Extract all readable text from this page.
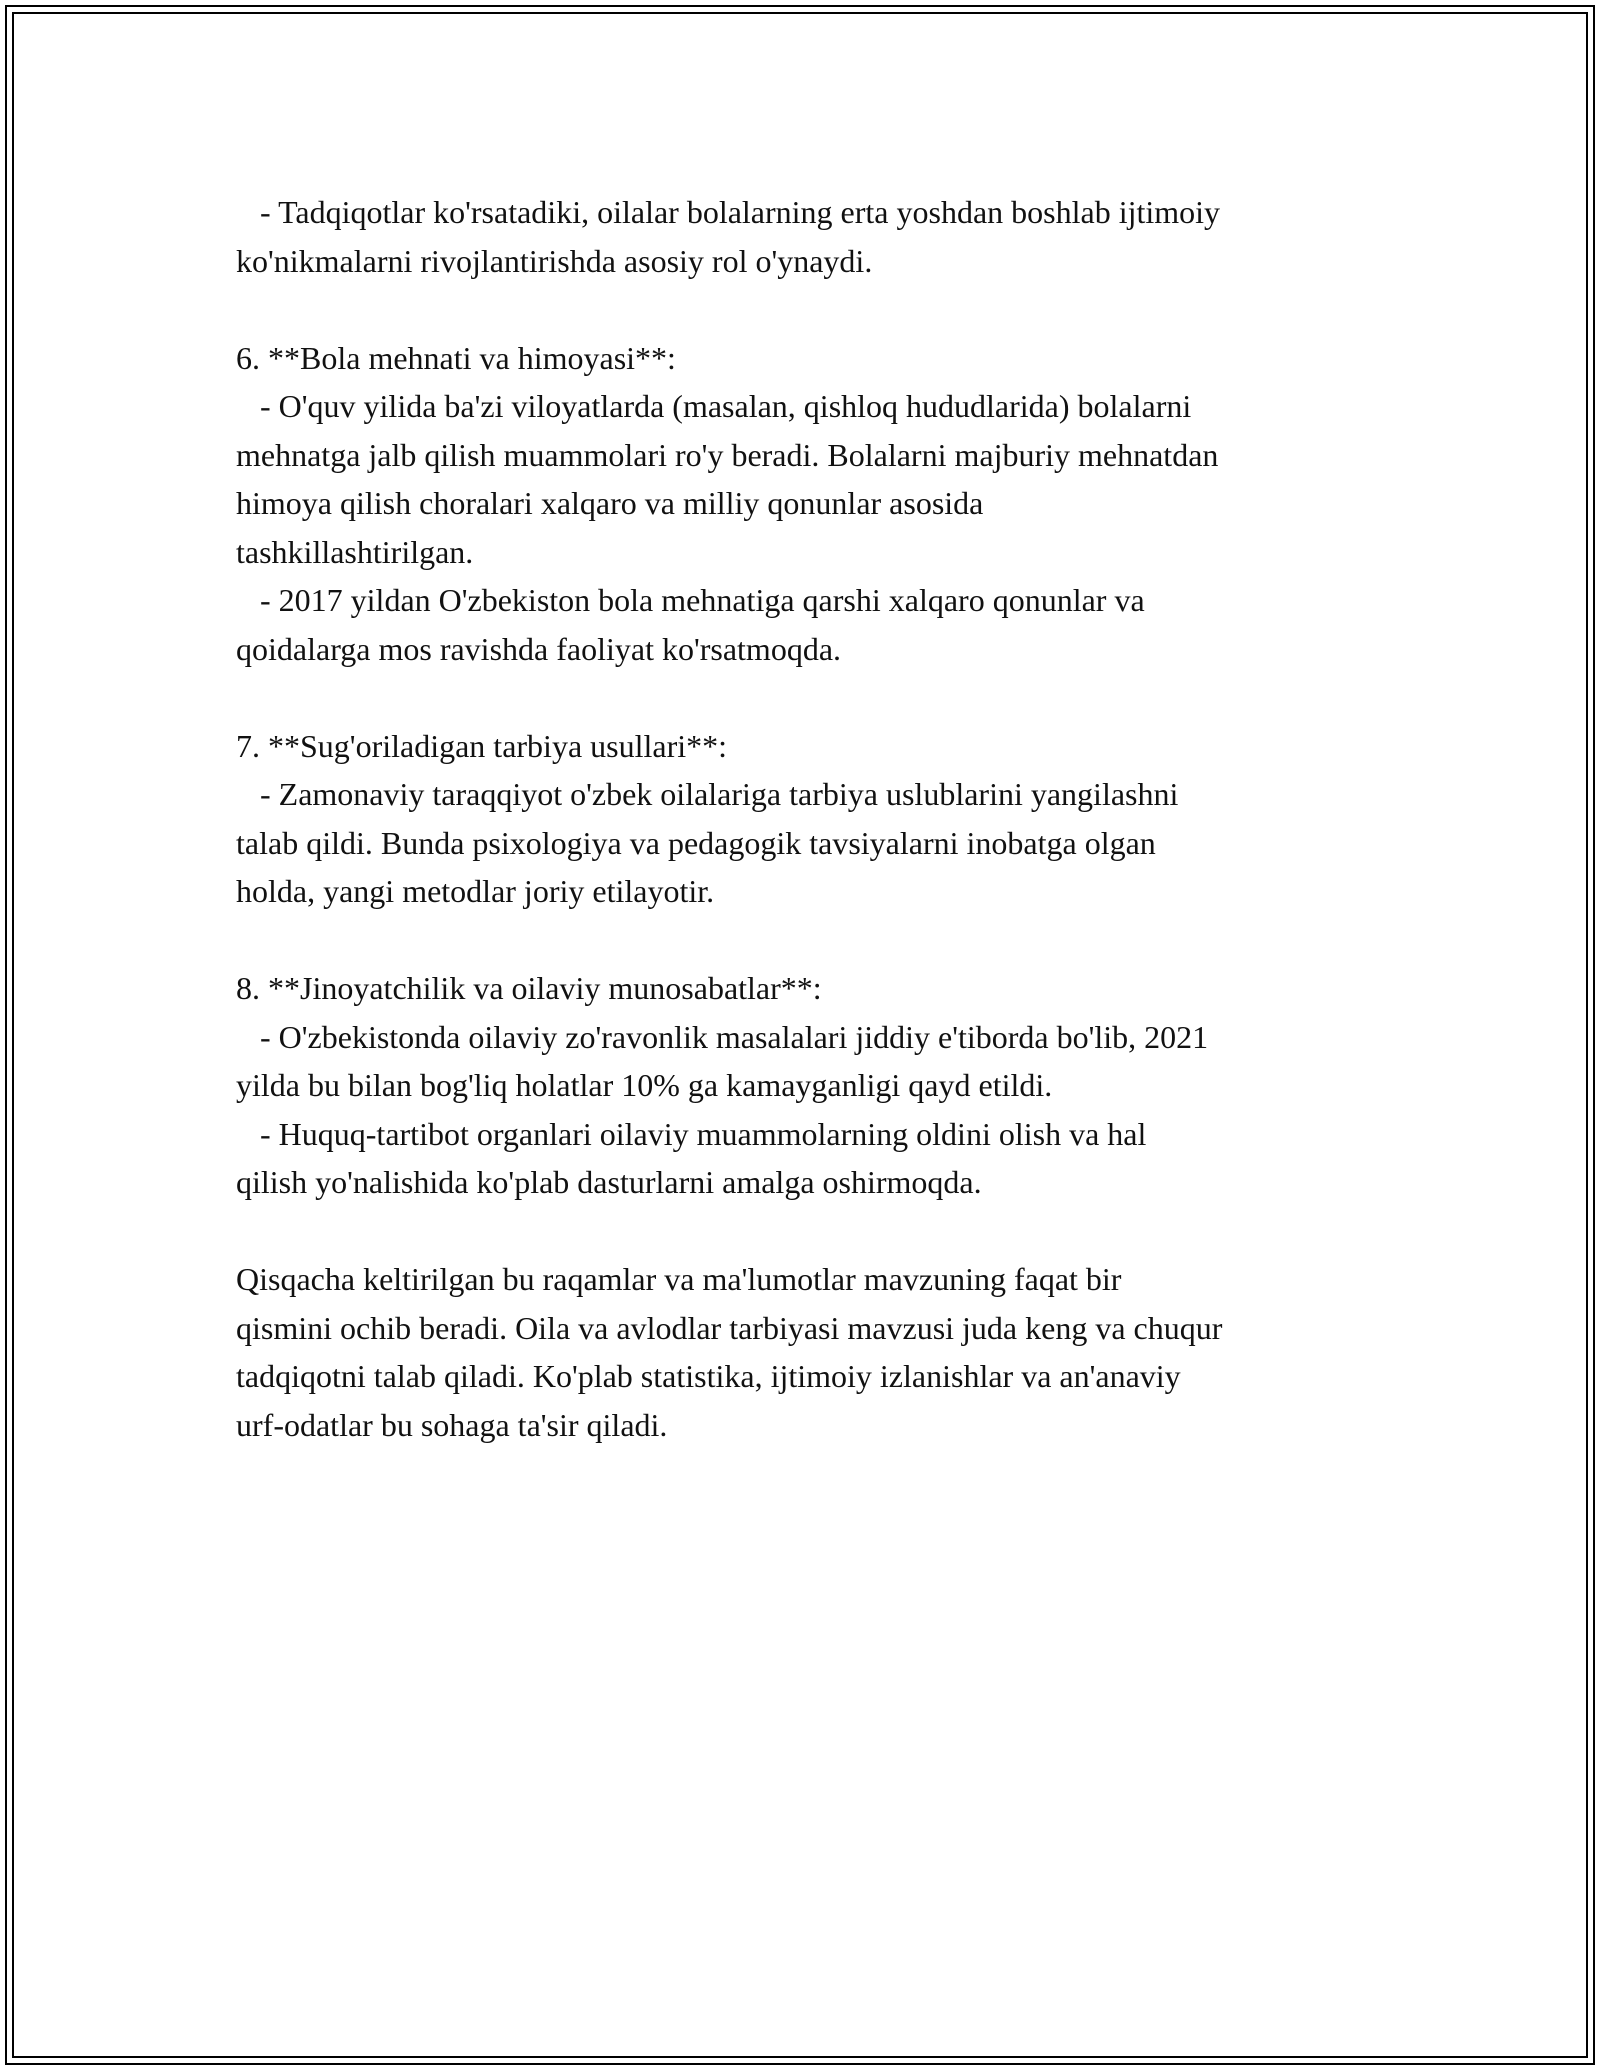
- Tadqiqotlar ko'rsatadiki, oilalar bolalarning erta yoshdan boshlab ijtimoiy
ko'nikmalarni rivojlantirishda asosiy rol o'ynaydi.
6. **Bola mehnati va himoyasi**:
- O'quv yilida ba'zi viloyatlarda (masalan, qishloq hududlarida) bolalarni
mehnatga jalb qilish muammolari ro'y beradi. Bolalarni majburiy mehnatdan
himoya qilish choralari xalqaro va milliy qonunlar asosida
tashkillashtirilgan.
- 2017 yildan O'zbekiston bola mehnatiga qarshi xalqaro qonunlar va
qoidalarga mos ravishda faoliyat ko'rsatmoqda.
7. **Sug'oriladigan tarbiya usullari**:
- Zamonaviy taraqqiyot o'zbek oilalariga tarbiya uslublarini yangilashni
talab qildi. Bunda psixologiya va pedagogik tavsiyalarni inobatga olgan
holda, yangi metodlar joriy etilayotir.
8. **Jinoyatchilik va oilaviy munosabatlar**:
- O'zbekistonda oilaviy zo'ravonlik masalalari jiddiy e'tiborda bo'lib, 2021
yilda bu bilan bog'liq holatlar 10% ga kamayganligi qayd etildi.
- Huquq-tartibot organlari oilaviy muammolarning oldini olish va hal
qilish yo'nalishida ko'plab dasturlarni amalga oshirmoqda.
Qisqacha keltirilgan bu raqamlar va ma'lumotlar mavzuning faqat bir
qismini ochib beradi. Oila va avlodlar tarbiyasi mavzusi juda keng va chuqur
tadqiqotni talab qiladi. Ko'plab statistika, ijtimoiy izlanishlar va an'anaviy
urf-odatlar bu sohaga ta'sir qiladi.
